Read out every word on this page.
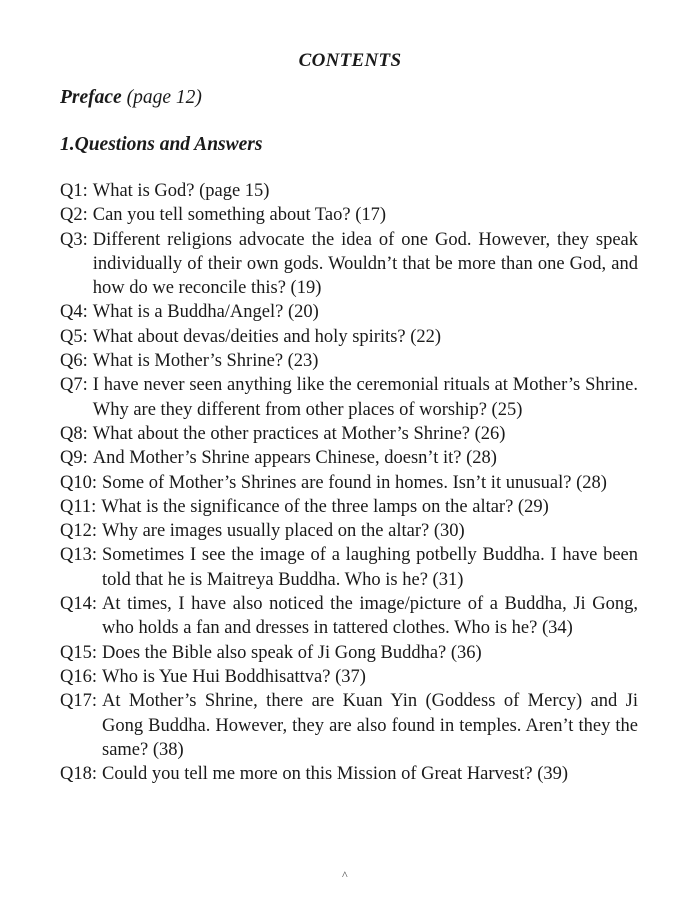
CONTENTS
Preface (page 12)
1.Questions and Answers
Q1: What is God? (page 15)
Q2: Can you tell something about Tao? (17)
Q3: Different religions advocate the idea of one God. However, they speak individually of their own gods. Wouldn’t that be more than one God, and how do we reconcile this? (19)
Q4: What is a Buddha/Angel? (20)
Q5: What about devas/deities and holy spirits? (22)
Q6: What is Mother’s Shrine? (23)
Q7: I have never seen anything like the ceremonial rituals at Mother’s Shrine. Why are they different from other places of worship? (25)
Q8: What about the other practices at Mother’s Shrine? (26)
Q9: And Mother’s Shrine appears Chinese, doesn’t it? (28)
Q10: Some of Mother’s Shrines are found in homes. Isn’t it unusual? (28)
Q11: What is the significance of the three lamps on the altar? (29)
Q12: Why are images usually placed on the altar? (30)
Q13: Sometimes I see the image of a laughing potbelly Buddha. I have been told that he is Maitreya Buddha. Who is he? (31)
Q14: At times, I have also noticed the image/picture of a Buddha, Ji Gong, who holds a fan and dresses in tattered clothes. Who is he? (34)
Q15: Does the Bible also speak of Ji Gong Buddha? (36)
Q16: Who is Yue Hui Boddhisattva? (37)
Q17: At Mother’s Shrine, there are Kuan Yin (Goddess of Mercy) and Ji Gong Buddha. However, they are also found in temples. Aren’t they the same? (38)
Q18: Could you tell me more on this Mission of Great Harvest? (39)
^
